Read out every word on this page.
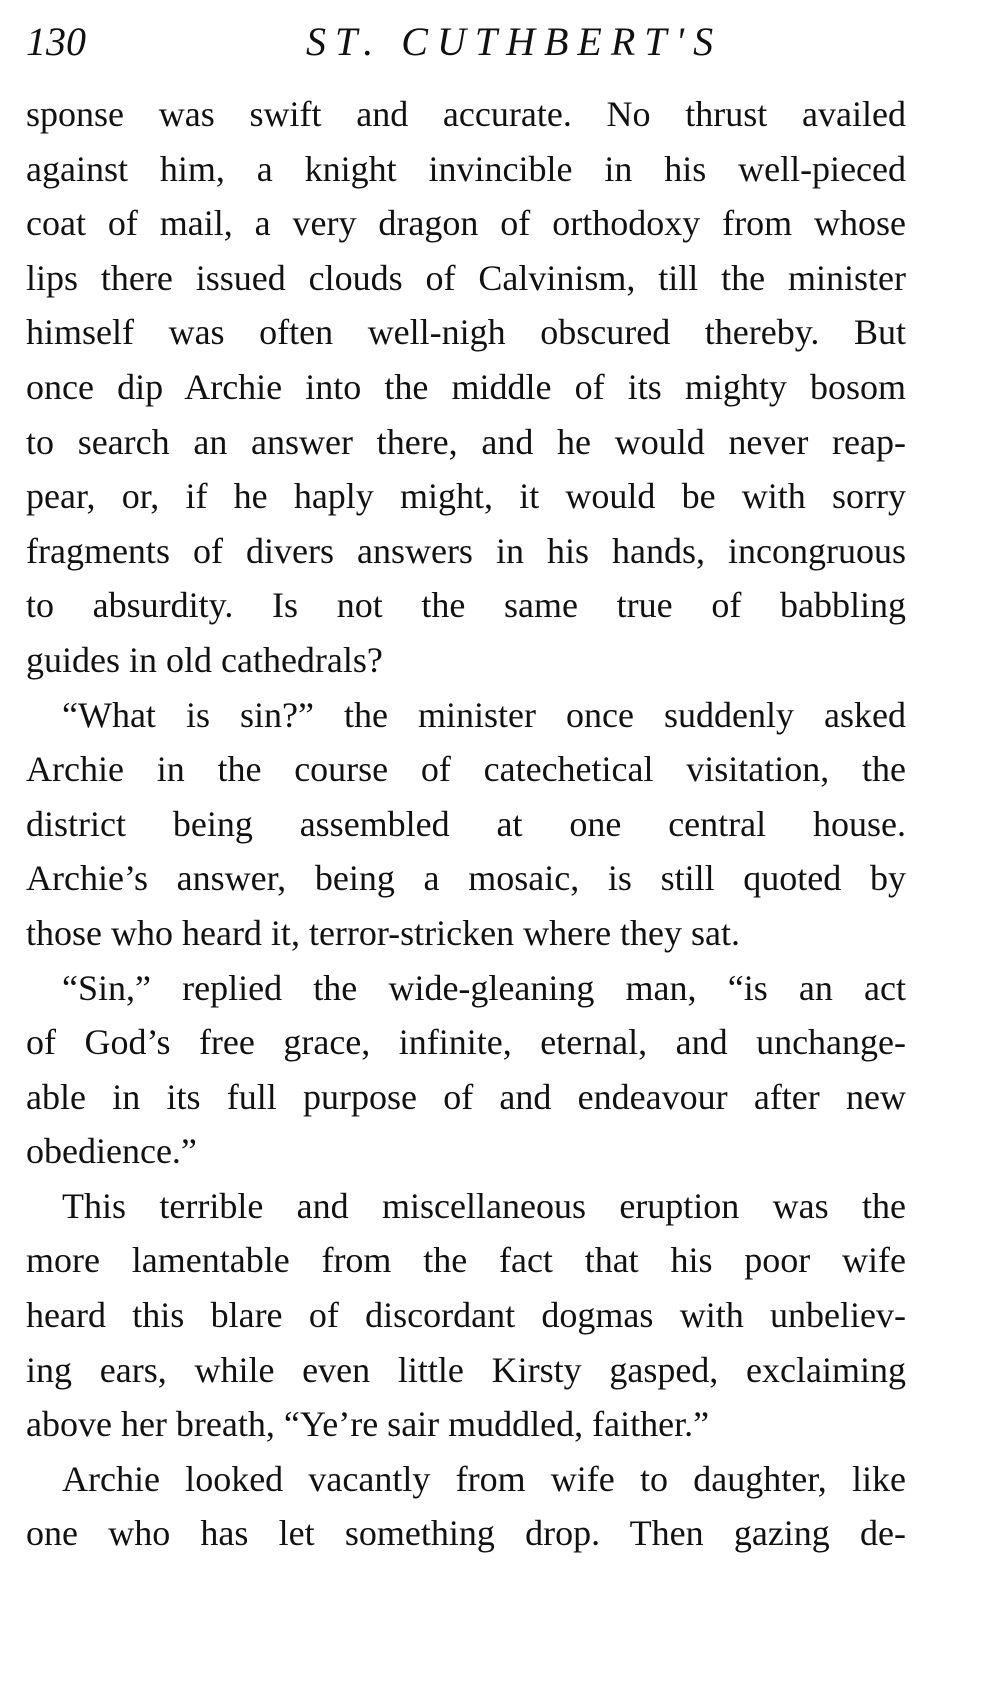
130	ST. CUTHBERT'S
sponse was swift and accurate. No thrust availed
against him, a knight invincible in his well-pieced
coat of mail, a very dragon of orthodoxy from whose
lips there issued clouds of Calvinism, till the minister
himself was often well-nigh obscured thereby. But
once dip Archie into the middle of its mighty bosom
to search an answer there, and he would never reap-
pear, or, if he haply might, it would be with sorry
fragments of divers answers in his hands, incongruous
to absurdity. Is not the same true of babbling
guides in old cathedrals?
“What is sin?” the minister once suddenly asked
Archie in the course of catechetical visitation, the
district being assembled at one central house.
Archie’s answer, being a mosaic, is still quoted by
those who heard it, terror-stricken where they sat.
“Sin,” replied the wide-gleaning man, “is an act
of God’s free grace, infinite, eternal, and unchange-
able in its full purpose of and endeavour after new
obedience.”
This terrible and miscellaneous eruption was the
more lamentable from the fact that his poor wife
heard this blare of discordant dogmas with unbeliev-
ing ears, while even little Kirsty gasped, exclaiming
above her breath, “Ye’re sair muddled, faither.”
Archie looked vacantly from wife to daughter, like
one who has let something drop. Then gazing de-
